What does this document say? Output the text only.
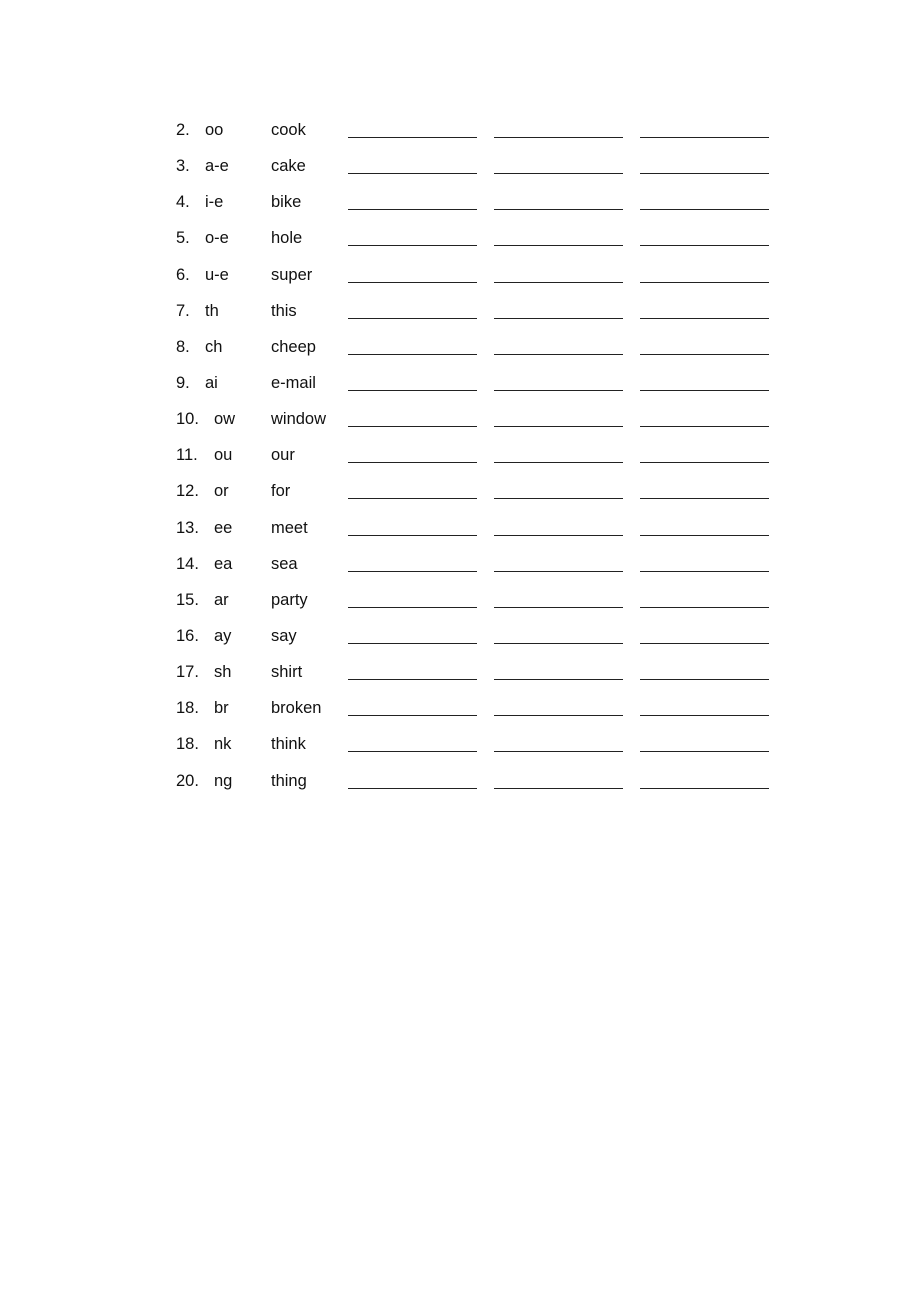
2. oo	cook
3. a-e	cake
4. i-e	bike
5. o-e	hole
6. u-e	super
7. th	this
8. ch	cheep
9. ai	e-mail
10. ow window
11. ou our
12. or	for
13. ee meet
14. ea sea
15. ar	party
16. ay say
17. sh shirt
18. br	broken
18. nk think
20. ng thing
